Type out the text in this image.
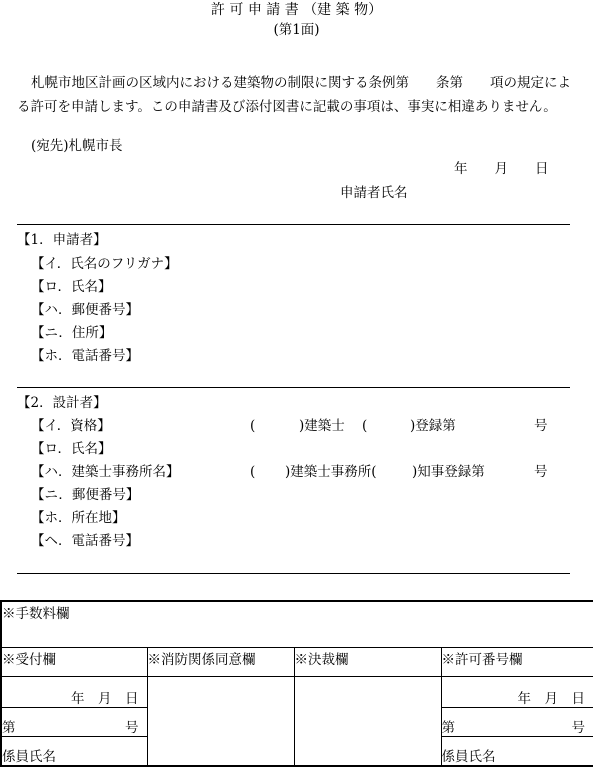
許 可 申 請 書 （建 築 物）
(第1面)
札幌市地区計画の区域内における建築物の制限に関する条例第　　条第　　項の規定による許可を申請します。この申請書及び添付図書に記載の事項は、事実に相違ありません。
(宛先)札幌市長
年　　月　　日
申請者氏名
【1．申請者】
【イ．氏名のフリガナ】
【ロ．氏名】
【ハ．郵便番号】
【ニ．住所】
【ホ．電話番号】
【2．設計者】
【イ．資格】	(	)建築士 (	)登録第	号
【ロ．氏名】
【ハ．建築士事務所名】	( )建築士事務所(	)知事登録第	号
【ニ．郵便番号】
【ホ．所在地】
【ヘ．電話番号】
※手数料欄			
※受付欄	※消防関係同意欄	※決裁欄	※許可番号欄
年　月　日			年　月　日
第 号			第 号

係員氏名			係員氏名
